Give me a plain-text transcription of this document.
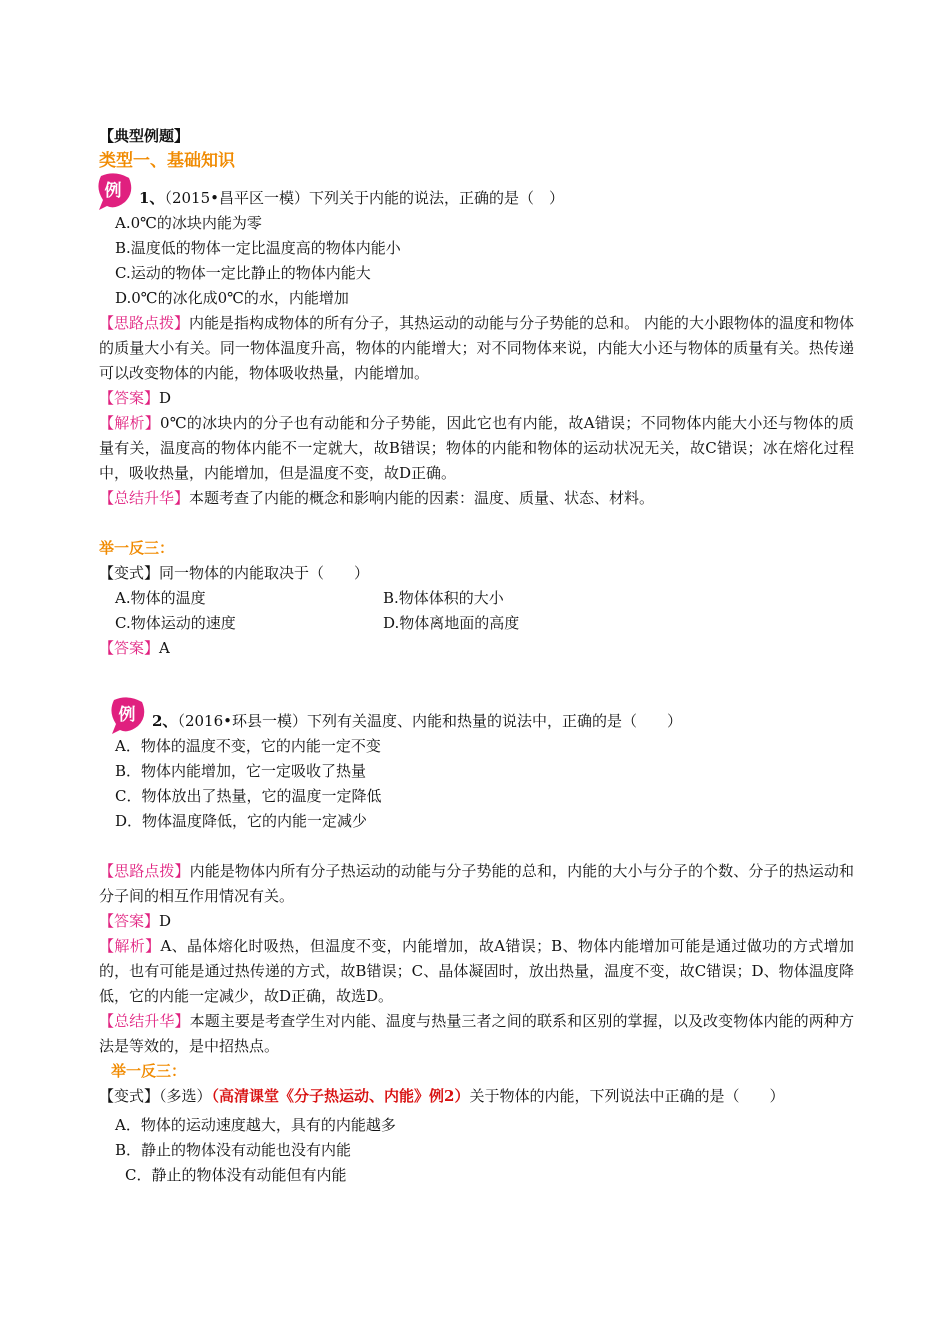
例
例
【典型例题】
类型一、基础知识
1、（2015•昌平区一模）下列关于内能的说法，正确的是（　）
A.0℃的冰块内能为零
B.温度低的物体一定比温度高的物体内能小
C.运动的物体一定比静止的物体内能大
D.0℃的冰化成0℃的水，内能增加
【思路点拨】内能是指构成物体的所有分子，其热运动的动能与分子势能的总和。 内能的大小跟物体的温度和物体的质量大小有关。同一物体温度升高，物体的内能增大；对不同物体来说，内能大小还与物体的质量有关。热传递可以改变物体的内能，物体吸收热量，内能增加。
【答案】D
【解析】0℃的冰块内的分子也有动能和分子势能，因此它也有内能，故A错误；不同物体内能大小还与物体的质量有关，温度高的物体内能不一定就大，故B错误；物体的内能和物体的运动状况无关，故C错误；冰在熔化过程中，吸收热量，内能增加，但是温度不变，故D正确。
【总结升华】本题考查了内能的概念和影响内能的因素：温度、质量、状态、材料。
举一反三：
【变式】同一物体的内能取决于（　　）
A.物体的温度	B.物体体积的大小
C.物体运动的速度	D.物体离地面的高度
【答案】A
2、（2016•环县一模）下列有关温度、内能和热量的说法中，正确的是（　　）
A．物体的温度不变，它的内能一定不变
B．物体内能增加，它一定吸收了热量
C．物体放出了热量，它的温度一定降低
D．物体温度降低，它的内能一定减少
【思路点拨】内能是物体内所有分子热运动的动能与分子势能的总和，内能的大小与分子的个数、分子的热运动和分子间的相互作用情况有关。
【答案】D
【解析】A、晶体熔化时吸热，但温度不变，内能增加，故A错误；B、物体内能增加可能是通过做功的方式增加的，也有可能是通过热传递的方式，故B错误；C、晶体凝固时，放出热量，温度不变，故C错误；D、物体温度降低，它的内能一定减少，故D正确，故选D。
【总结升华】本题主要是考查学生对内能、温度与热量三者之间的联系和区别的掌握，以及改变物体内能的两种方法是等效的，是中招热点。
举一反三：
【变式】（多选）（高清课堂《分子热运动、内能》例2）关于物体的内能，下列说法中正确的是（　　）
A．物体的运动速度越大，具有的内能越多
B．静止的物体没有动能也没有内能
C．静止的物体没有动能但有内能
